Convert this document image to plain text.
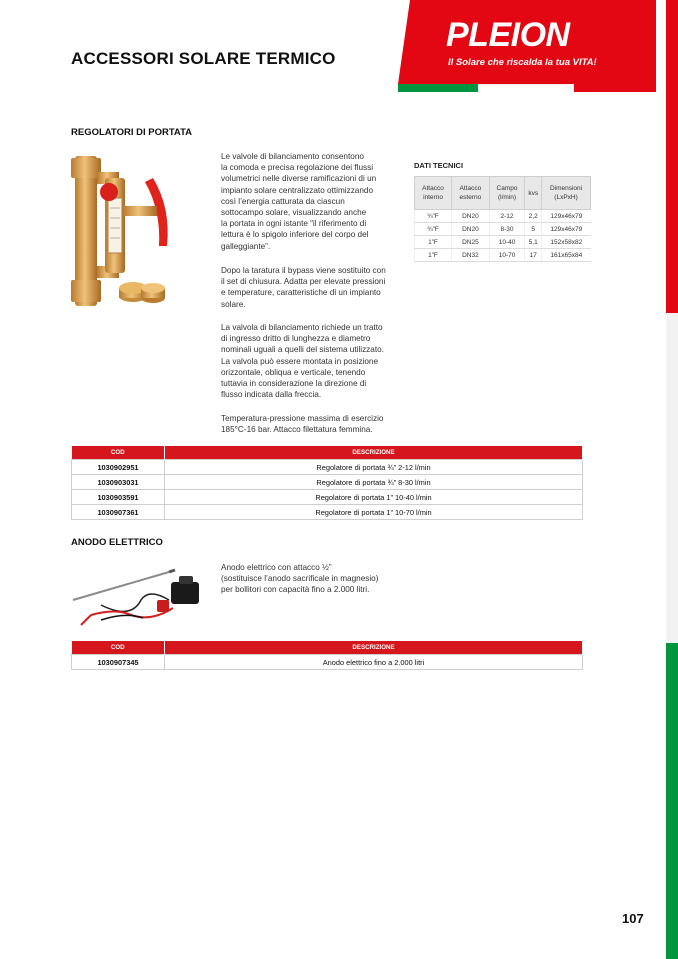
ACCESSORI SOLARE TERMICO
PLEION
Il Solare che riscalda la tua VITA!
REGOLATORI DI PORTATA
Le valvole di bilanciamento consentono
la comoda e precisa regolazione dei flussi
volumetrici nelle diverse ramificazioni di un
impianto solare centralizzato ottimizzando
così l’energia catturata da ciascun
sottocampo solare, visualizzando anche
la portata in ogni istante “il riferimento di
lettura è lo spigolo inferiore del corpo del
galleggiante”.
Dopo la taratura il bypass viene sostituito con
il set di chiusura. Adatta per elevate pressioni
e temperature, caratteristiche di un impianto
solare.
La valvola di bilanciamento richiede un tratto
di ingresso dritto di lunghezza e diametro
nominali uguali a quelli del sistema utilizzato.
La valvola può essere montata in posizione
orizzontale, obliqua e verticale, tenendo
tuttavia in considerazione la direzione di
flusso indicata dalla freccia.
Temperatura-pressione massima di esercizio
185°C-16 bar. Attacco filettatura femmina.
DATI TECNICI
Attacco interno	Attacco esterno	Campo (l/min)	kvs	Dimensioni (LxPxH)
¾”F	DN20	2-12	2,2	129x46x79
¾”F	DN20	8-30	5	129x46x79
1”F	DN25	10-40	5,1	152x58x82
1”F	DN32	10-70	17	161x65x84
COD	DESCRIZIONE
1030902951	Regolatore di portata ¾” 2-12 l/min
1030903031	Regolatore di portata ¾” 8-30 l/min
1030903591	Regolatore di portata 1” 10-40 l/min
1030907361	Regolatore di portata 1” 10-70 l/min
ANODO ELETTRICO
Anodo elettrico con attacco ½”
(sostituisce l’anodo sacrificale in magnesio)
per bollitori con capacità fino a 2.000 litri.
COD	DESCRIZIONE
1030907345	Anodo elettrico fino a 2.000 litri
107
